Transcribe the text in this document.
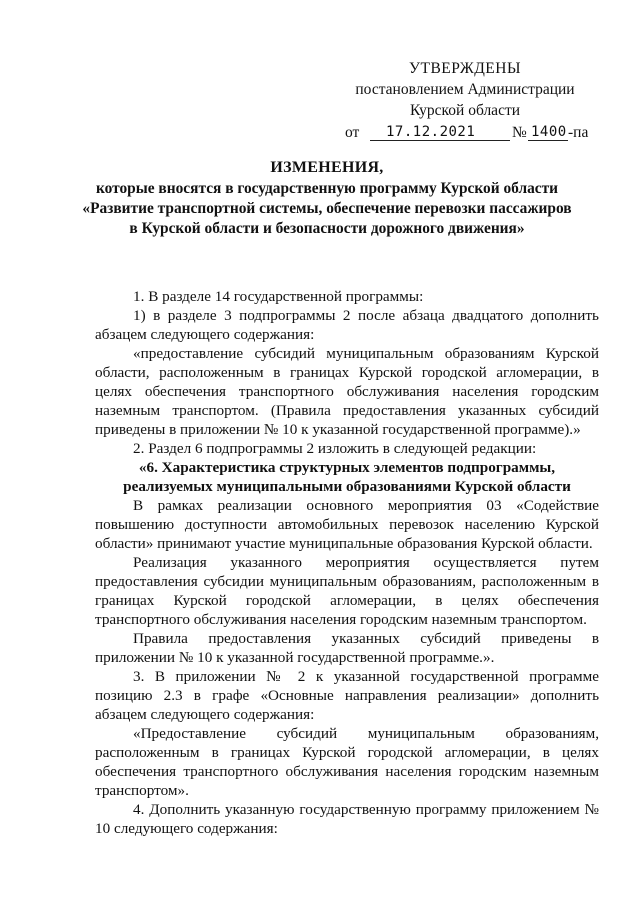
УТВЕРЖДЕНЫ
постановлением Администрации
Курской области
от 17.12.2021 № 1400 -па
ИЗМЕНЕНИЯ,
которые вносятся в государственную программу Курской области
«Развитие транспортной системы, обеспечение перевозки пассажиров
в Курской области и безопасности дорожного движения»

1. В разделе 14 государственной программы:

1) в разделе 3 подпрограммы 2 после абзаца двадцатого дополнить абзацем следующего содержания:

«предоставление субсидий муниципальным образованиям Курской области, расположенным в границах Курской городской агломерации, в целях обеспечения транспортного обслуживания населения городским наземным транспортом. (Правила предоставления указанных субсидий приведены в приложении № 10 к указанной государственной программе).»

2. Раздел 6 подпрограммы 2 изложить в следующей редакции:

«6. Характеристика структурных элементов подпрограммы,

реализуемых муниципальными образованиями Курской области

В рамках реализации основного мероприятия 03 «Содействие повышению доступности автомобильных перевозок населению Курской области» принимают участие муниципальные образования Курской области.

Реализация указанного мероприятия осуществляется путем предоставления субсидии муниципальным образованиям, расположенным в границах Курской городской агломерации, в целях обеспечения транспортного обслуживания населения городским наземным транспортом.

Правила предоставления указанных субсидий приведены в приложении № 10 к указанной государственной программе.».

3. В приложении № 2 к указанной государственной программе позицию 2.3 в графе «Основные направления реализации» дополнить абзацем следующего содержания:

«Предоставление субсидий муниципальным образованиям, расположенным в границах Курской городской агломерации, в целях обеспечения транспортного обслуживания населения городским наземным транспортом».

4. Дополнить указанную государственную программу приложением № 10 следующего содержания:
